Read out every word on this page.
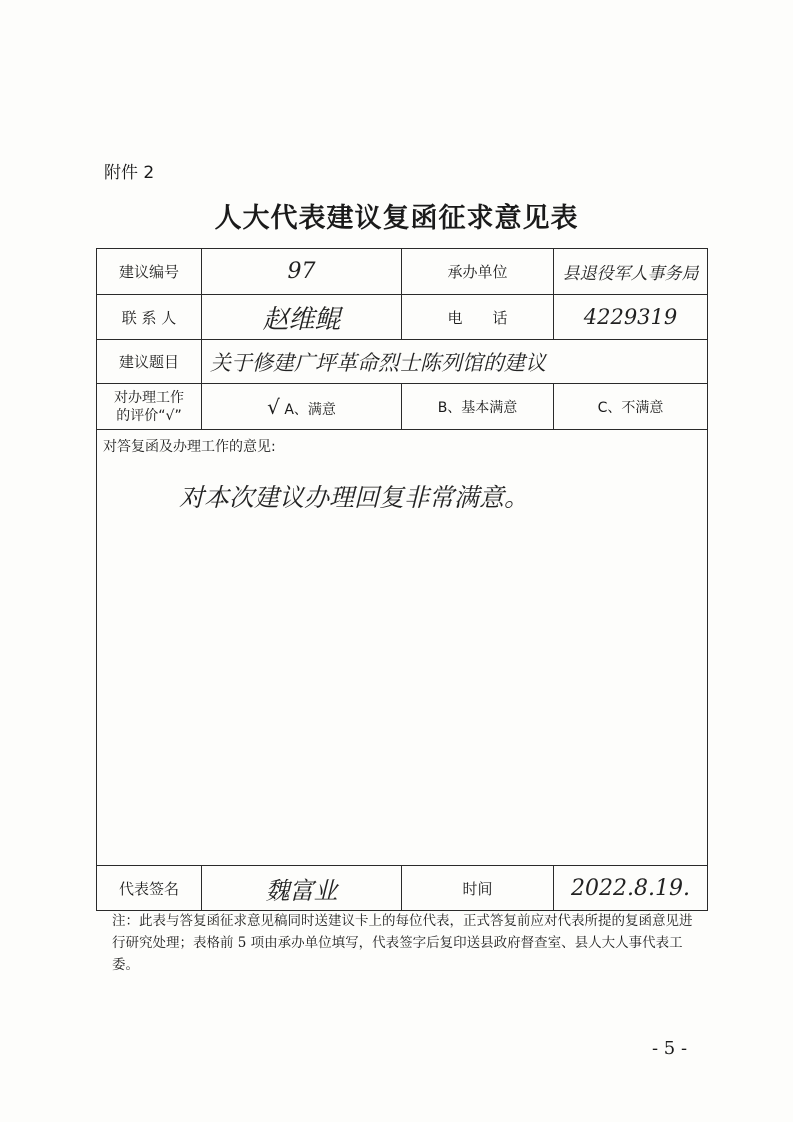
附件 2
人大代表建议复函征求意见表
建议编号	97	承办单位	县退役军人事务局
联 系 人	赵维鲲	电　　话	4229319
建议题目	关于修建广坪革命烈士陈列馆的建议		

对办理工作
的评价“√”	√ A、满意	B、基本满意	C、不满意

对答复函及办理工作的意见:
对本次建议办理回复非常满意。			

代表签名	魏富业	时间	2022.8.19.
注：此表与答复函征求意见稿同时送建议卡上的每位代表，正式答复前应对代表所提的复函意见进行研究处理；表格前 5 项由承办单位填写，代表签字后复印送县政府督查室、县人大人事代表工委。
- 5 -
